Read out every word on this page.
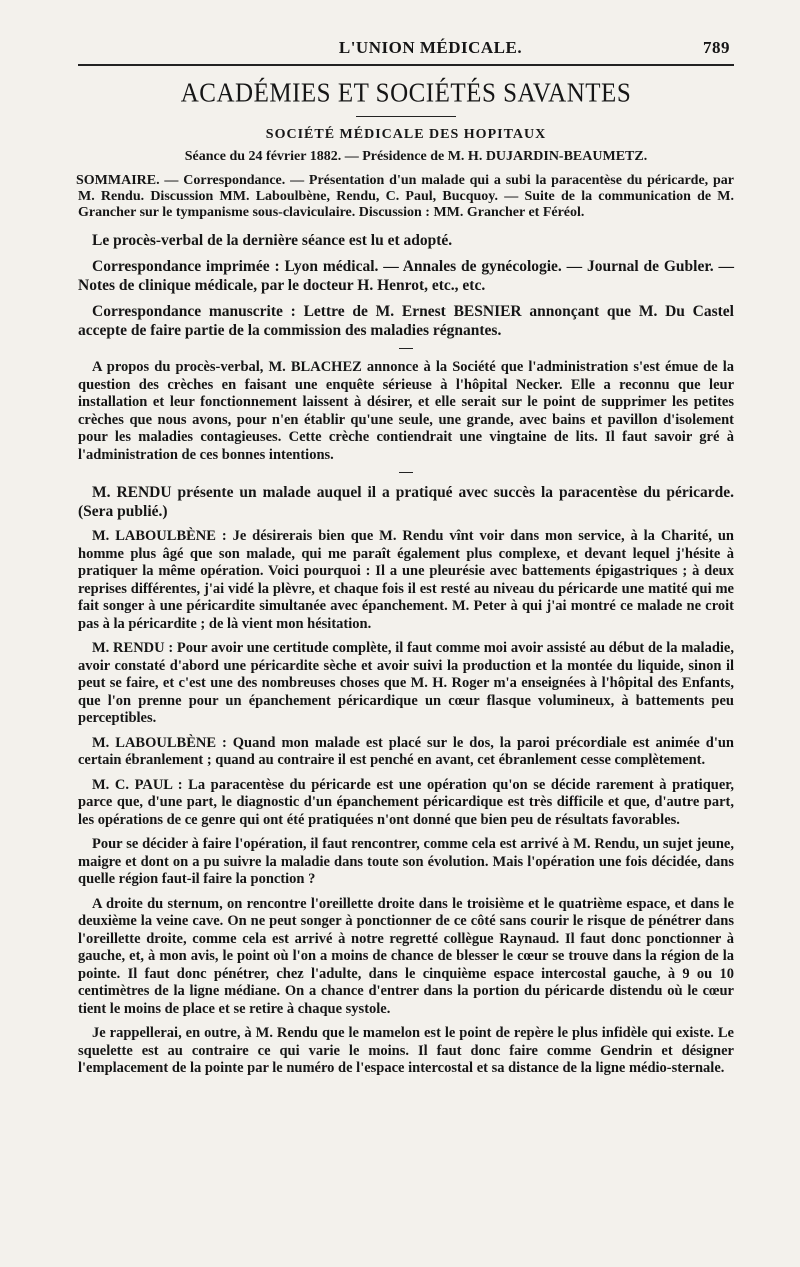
L'UNION MÉDICALE.	789
ACADÉMIES ET SOCIÉTÉS SAVANTES
SOCIÉTÉ MÉDICALE DES HOPITAUX
Séance du 24 février 1882. — Présidence de M. H. DUJARDIN-BEAUMETZ.
SOMMAIRE. — Correspondance. — Présentation d'un malade qui a subi la paracentèse du péricarde, par M. Rendu. Discussion MM. Laboulbène, Rendu, C. Paul, Bucquoy. — Suite de la communication de M. Grancher sur le tympanisme sous-claviculaire. Discussion : MM. Grancher et Féréol.

Le procès-verbal de la dernière séance est lu et adopté.

Correspondance imprimée : Lyon médical. — Annales de gynécologie. — Journal de Gubler. — Notes de clinique médicale, par le docteur H. Henrot, etc., etc.

Correspondance manuscrite : Lettre de M. Ernest BESNIER annonçant que M. Du Castel accepte de faire partie de la commission des maladies régnantes.

A propos du procès-verbal, M. BLACHEZ annonce à la Société que l'administration s'est émue de la question des crèches en faisant une enquête sérieuse à l'hôpital Necker. Elle a reconnu que leur installation et leur fonctionnement laissent à désirer, et elle serait sur le point de supprimer les petites crèches que nous avons, pour n'en établir qu'une seule, une grande, avec bains et pavillon d'isolement pour les maladies contagieuses. Cette crèche contiendrait une vingtaine de lits. Il faut savoir gré à l'administration de ces bonnes intentions.

M. RENDU présente un malade auquel il a pratiqué avec succès la paracentèse du péricarde. (Sera publié.)

M. LABOULBÈNE : Je désirerais bien que M. Rendu vînt voir dans mon service, à la Charité, un homme plus âgé que son malade, qui me paraît également plus complexe, et devant lequel j'hésite à pratiquer la même opération. Voici pourquoi : Il a une pleurésie avec battements épigastriques ; à deux reprises différentes, j'ai vidé la plèvre, et chaque fois il est resté au niveau du péricarde une matité qui me fait songer à une péricardite simultanée avec épanchement. M. Peter à qui j'ai montré ce malade ne croit pas à la péricardite ; de là vient mon hésitation.

M. RENDU : Pour avoir une certitude complète, il faut comme moi avoir assisté au début de la maladie, avoir constaté d'abord une péricardite sèche et avoir suivi la production et la montée du liquide, sinon il peut se faire, et c'est une des nombreuses choses que M. H. Roger m'a enseignées à l'hôpital des Enfants, que l'on prenne pour un épanchement péricardique un cœur flasque volumineux, à battements peu perceptibles.

M. LABOULBÈNE : Quand mon malade est placé sur le dos, la paroi précordiale est animée d'un certain ébranlement ; quand au contraire il est penché en avant, cet ébranlement cesse complètement.

M. C. PAUL : La paracentèse du péricarde est une opération qu'on se décide rarement à pratiquer, parce que, d'une part, le diagnostic d'un épanchement péricardique est très difficile et que, d'autre part, les opérations de ce genre qui ont été pratiquées n'ont donné que bien peu de résultats favorables.

Pour se décider à faire l'opération, il faut rencontrer, comme cela est arrivé à M. Rendu, un sujet jeune, maigre et dont on a pu suivre la maladie dans toute son évolution. Mais l'opération une fois décidée, dans quelle région faut-il faire la ponction ?

A droite du sternum, on rencontre l'oreillette droite dans le troisième et le quatrième espace, et dans le deuxième la veine cave. On ne peut songer à ponctionner de ce côté sans courir le risque de pénétrer dans l'oreillette droite, comme cela est arrivé à notre regretté collègue Raynaud. Il faut donc ponctionner à gauche, et, à mon avis, le point où l'on a moins de chance de blesser le cœur se trouve dans la région de la pointe. Il faut donc pénétrer, chez l'adulte, dans le cinquième espace intercostal gauche, à 9 ou 10 centimètres de la ligne médiane. On a chance d'entrer dans la portion du péricarde distendu où le cœur tient le moins de place et se retire à chaque systole.

Je rappellerai, en outre, à M. Rendu que le mamelon est le point de repère le plus infidèle qui existe. Le squelette est au contraire ce qui varie le moins. Il faut donc faire comme Gendrin et désigner l'emplacement de la pointe par le numéro de l'espace intercostal et sa distance de la ligne médio-sternale.
